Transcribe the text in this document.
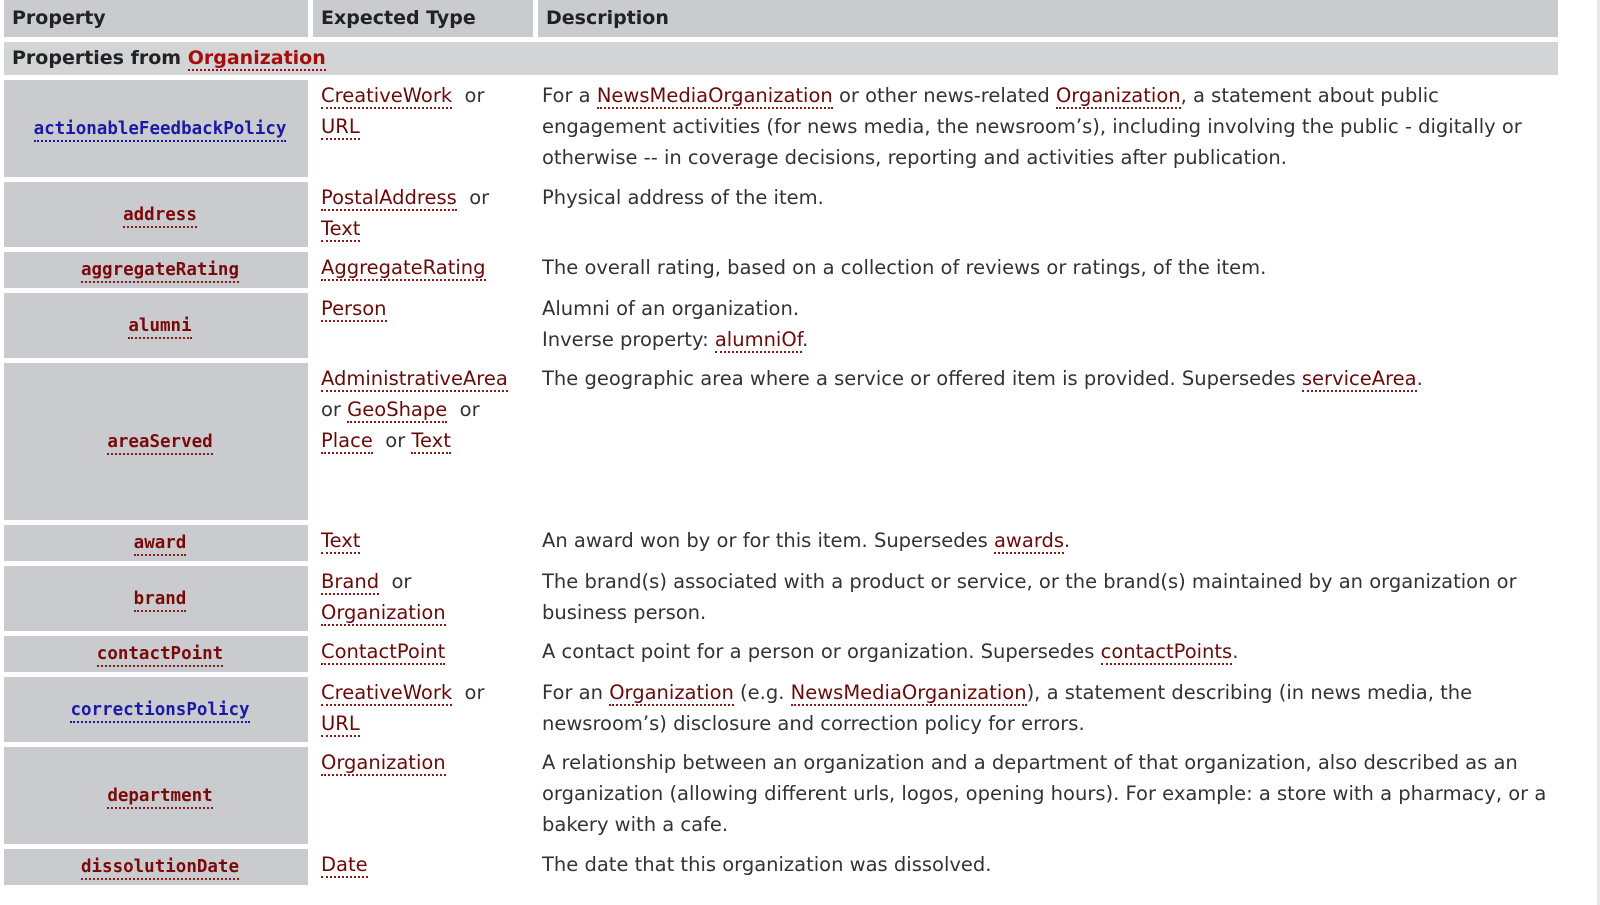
Property	Expected Type	Description
Properties from Organization		
actionableFeedbackPolicy	CreativeWork or URL	For a NewsMediaOrganization or other news-related Organization, a statement about public engagement activities (for news media, the newsroom’s), including involving the public - digitally or otherwise -- in coverage decisions, reporting and activities after publication.
address	PostalAddress or Text	Physical address of the item.
aggregateRating	AggregateRating	The overall rating, based on a collection of reviews or ratings, of the item.
alumni	Person	Alumni of an organization.
Inverse property: alumniOf.
areaServed	AdministrativeArea  or GeoShape or Place or Text	The geographic area where a service or offered item is provided. Supersedes serviceArea.
award	Text	An award won by or for this item. Supersedes awards.
brand	Brand or Organization	The brand(s) associated with a product or service, or the brand(s) maintained by an organization or business person.
contactPoint	ContactPoint	A contact point for a person or organization. Supersedes contactPoints.
correctionsPolicy	CreativeWork or URL	For an Organization (e.g. NewsMediaOrganization), a statement describing (in news media, the newsroom’s) disclosure and correction policy for errors.
department	Organization	A relationship between an organization and a department of that organization, also described as an organization (allowing different urls, logos, opening hours). For example: a store with a pharmacy, or a bakery with a cafe.
dissolutionDate	Date	The date that this organization was dissolved.
